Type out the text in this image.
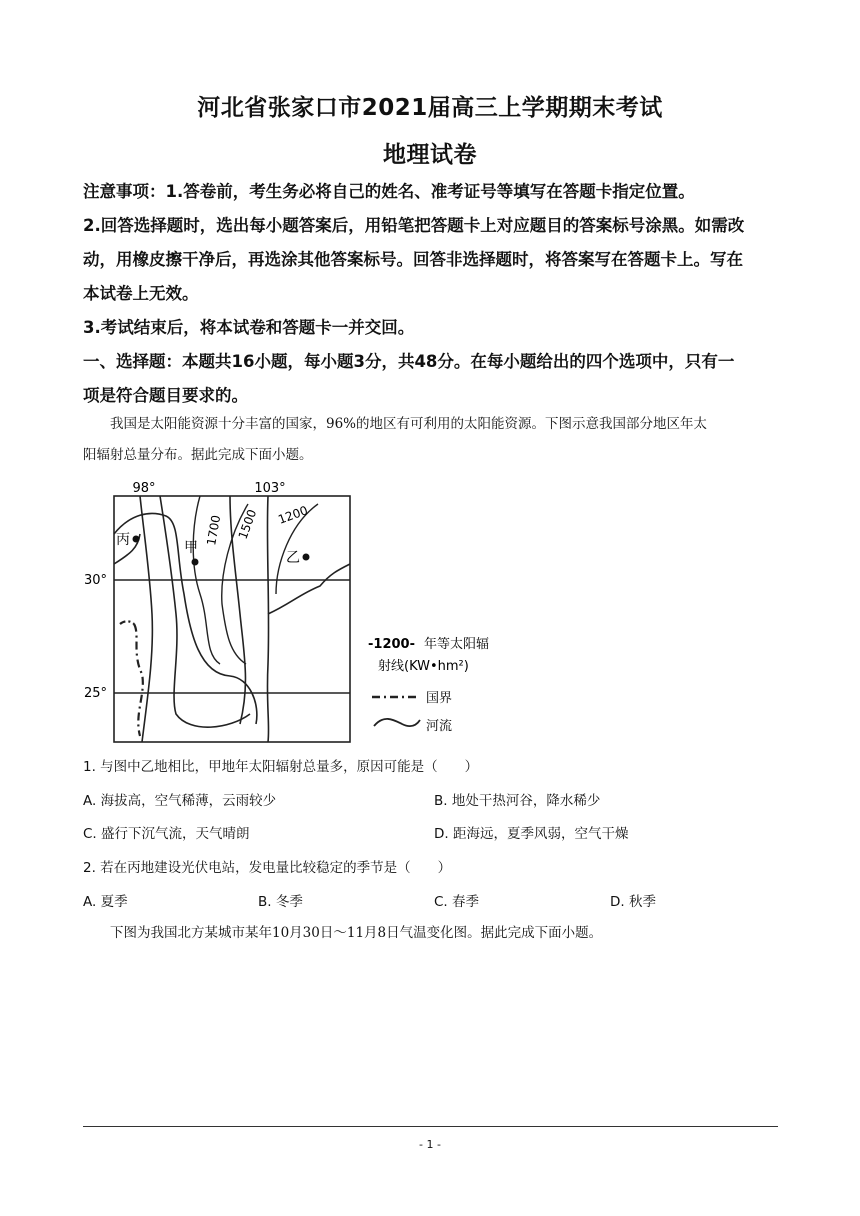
河北省张家口市2021届高三上学期期末考试
地理试卷

注意事项：1.答卷前，考生务必将自己的姓名、准考证号等填写在答题卡指定位置。

2.回答选择题时，选出每小题答案后，用铅笔把答题卡上对应题目的答案标号涂黑。如需改

动，用橡皮擦干净后，再选涂其他答案标号。回答非选择题时，将答案写在答题卡上。写在

本试卷上无效。

3.考试结束后，将本试卷和答题卡一并交回。

一、选择题：本题共16小题，每小题3分，共48分。在每小题给出的四个选项中，只有一

项是符合题目要求的。

我国是太阳能资源十分丰富的国家，96%的地区有可利用的太阳能资源。下图示意我国部分地区年太

阳辐射总量分布。据此完成下面小题。

98°	103°
30°
25°
1700 1500 1200
丙	甲
乙
-1200- 年等太阳辐
射线(KW•hm²)
国界
河流
1. 与图中乙地相比，甲地年太阳辐射总量多，原因可能是（　　）
A. 海拔高，空气稀薄，云雨较少	B. 地处干热河谷，降水稀少
C. 盛行下沉气流，天气晴朗	D. 距海远，夏季风弱，空气干燥
2. 若在丙地建设光伏电站，发电量比较稳定的季节是（　　）
A. 夏季	B. 冬季	C. 春季	D. 秋季

下图为我国北方某城市某年10月30日～11月8日气温变化图。据此完成下面小题。

- 1 -
